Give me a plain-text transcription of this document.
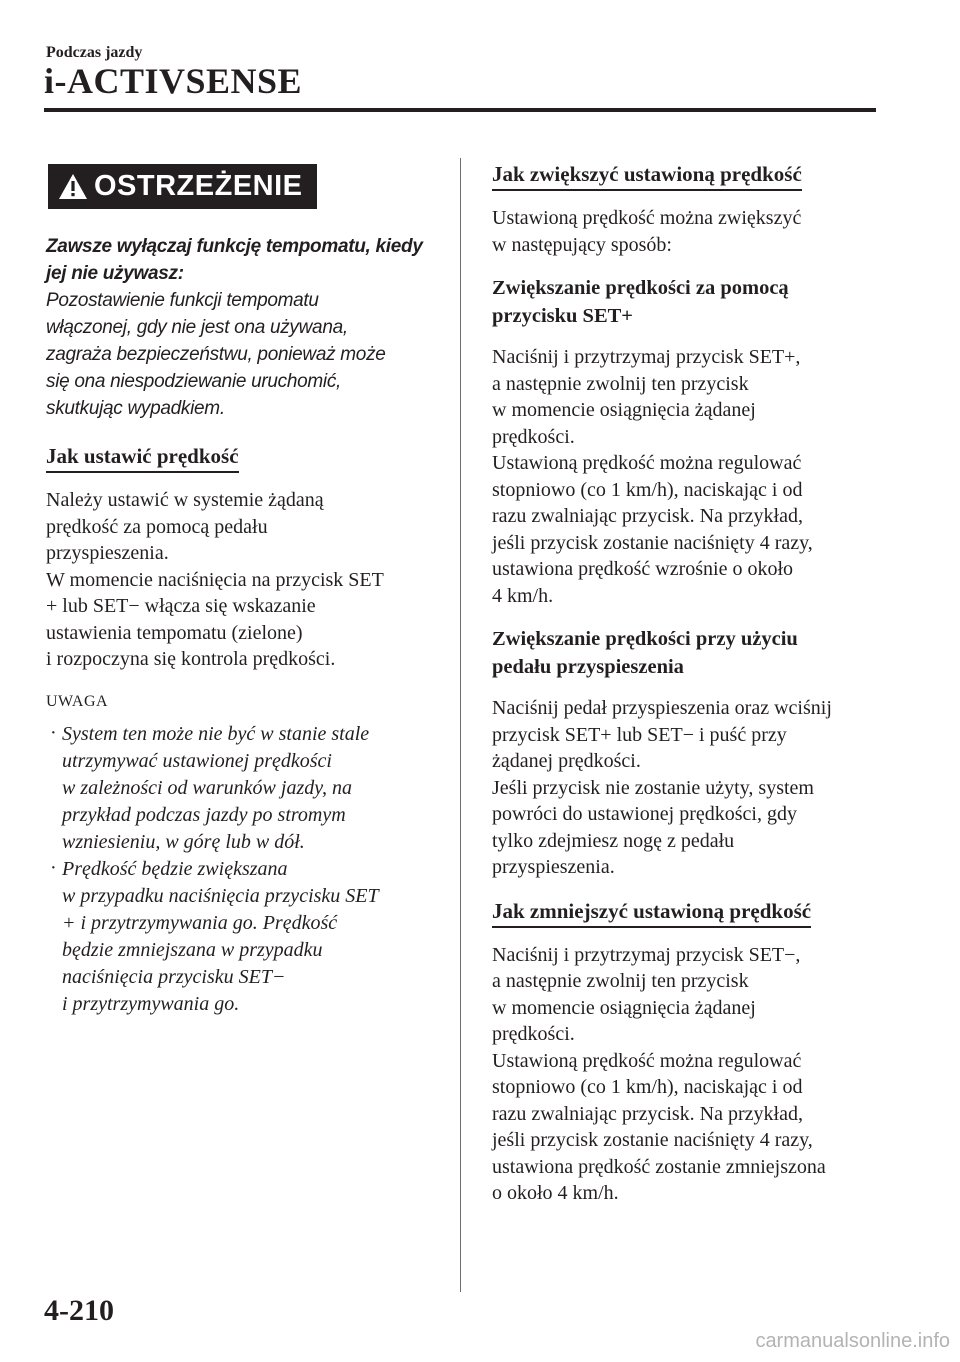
Podczas jazdy
i-ACTIVSENSE
OSTRZEŻENIE
Zawsze wyłączaj funkcję tempomatu, kiedy jej nie używasz:
Pozostawienie funkcji tempomatu
włączonej, gdy nie jest ona używana,
zagraża bezpieczeństwu, ponieważ może
się ona niespodziewanie uruchomić,
skutkując wypadkiem.
Jak ustawić prędkość
Należy ustawić w systemie żądaną
prędkość za pomocą pedału
przyspieszenia.
W momencie naciśnięcia na przycisk SET
+ lub SET− włącza się wskazanie
ustawienia tempomatu (zielone)
i rozpoczyna się kontrola prędkości.
UWAGA
· System ten może nie być w stanie stale
utrzymywać ustawionej prędkości
w zależności od warunków jazdy, na
przykład podczas jazdy po stromym
wzniesieniu, w górę lub w dół.
· Prędkość będzie zwiększana
w przypadku naciśnięcia przycisku SET
+ i przytrzymywania go. Prędkość
będzie zmniejszana w przypadku
naciśnięcia przycisku SET−
i przytrzymywania go.
Jak zwiększyć ustawioną prędkość
Ustawioną prędkość można zwiększyć
w następujący sposób:
Zwiększanie prędkości za pomocą
przycisku SET+
Naciśnij i przytrzymaj przycisk SET+,
a następnie zwolnij ten przycisk
w momencie osiągnięcia żądanej
prędkości.
Ustawioną prędkość można regulować
stopniowo (co 1 km/h), naciskając i od
razu zwalniając przycisk. Na przykład,
jeśli przycisk zostanie naciśnięty 4 razy,
ustawiona prędkość wzrośnie o około
4 km/h.
Zwiększanie prędkości przy użyciu
pedału przyspieszenia
Naciśnij pedał przyspieszenia oraz wciśnij
przycisk SET+ lub SET− i puść przy
żądanej prędkości.
Jeśli przycisk nie zostanie użyty, system
powróci do ustawionej prędkości, gdy
tylko zdejmiesz nogę z pedału
przyspieszenia.
Jak zmniejszyć ustawioną prędkość
Naciśnij i przytrzymaj przycisk SET−,
a następnie zwolnij ten przycisk
w momencie osiągnięcia żądanej
prędkości.
Ustawioną prędkość można regulować
stopniowo (co 1 km/h), naciskając i od
razu zwalniając przycisk. Na przykład,
jeśli przycisk zostanie naciśnięty 4 razy,
ustawiona prędkość zostanie zmniejszona
o około 4 km/h.
4-210
carmanualsonline.info
